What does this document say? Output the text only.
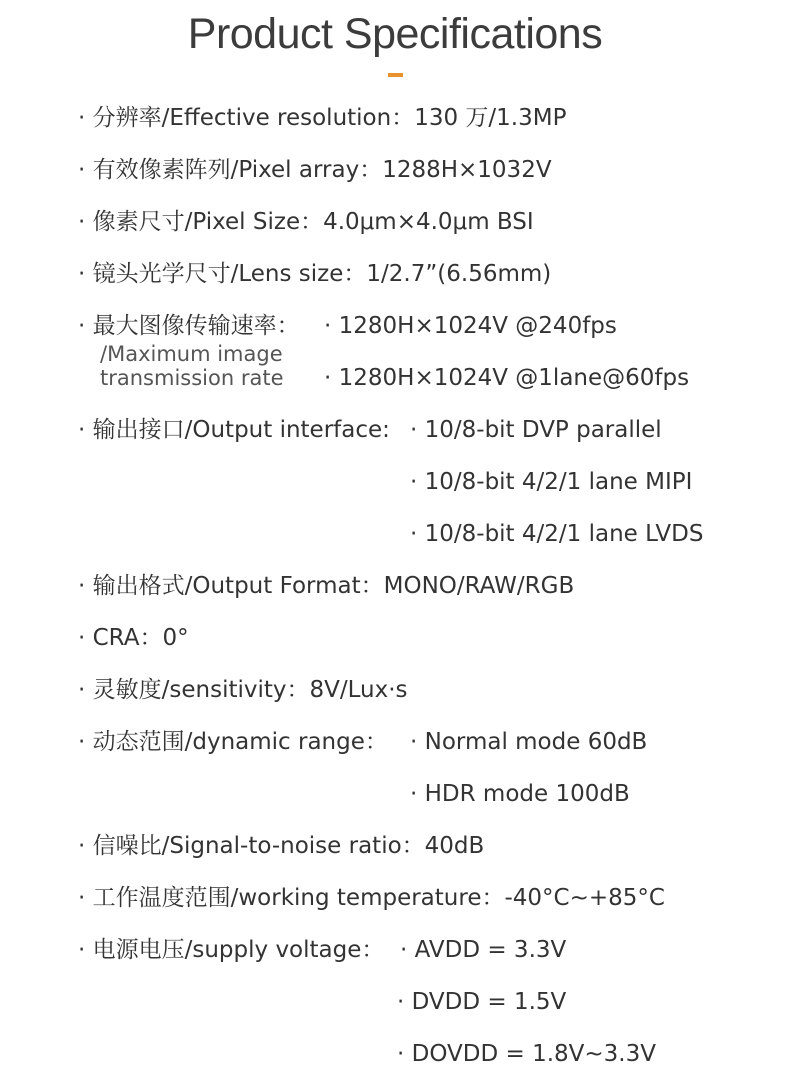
Product Specifications
· 分辨率/Effective resolution：130 万/1.3MP
· 有效像素阵列/Pixel array：1288H×1032V
· 像素尺寸/Pixel Size：4.0μm×4.0μm BSI
· 镜头光学尺寸/Lens size：1/2.7”(6.56mm)
· 最大图像传输速率：
/Maximum image
transmission rate
· 1280H×1024V @240fps
· 1280H×1024V @1lane@60fps
· 输出接口/Output interface: · 10/8-bit DVP parallel
· 10/8-bit 4/2/1 lane MIPI
· 10/8-bit 4/2/1 lane LVDS
· 输出格式/Output Format：MONO/RAW/RGB
· CRA：0°
· 灵敏度/sensitivity：8V/Lux·s
· 动态范围/dynamic range： · Normal mode 60dB
· HDR mode 100dB
· 信噪比/Signal-to-noise ratio：40dB
· 工作温度范围/working temperature：-40°C~+85°C
· 电源电压/supply voltage： · AVDD = 3.3V
· DVDD = 1.5V
· DOVDD = 1.8V~3.3V
